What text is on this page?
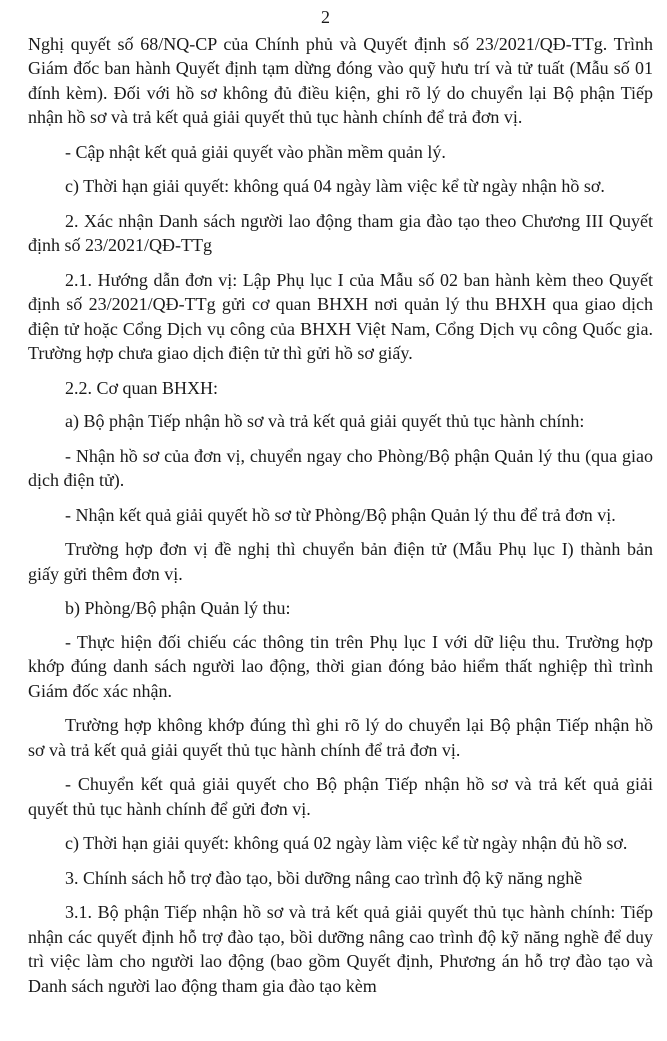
2

Nghị quyết số 68/NQ-CP của Chính phủ và Quyết định số 23/2021/QĐ-TTg. Trình Giám đốc ban hành Quyết định tạm dừng đóng vào quỹ hưu trí và tử tuất (Mẫu số 01 đính kèm). Đối với hồ sơ không đủ điều kiện, ghi rõ lý do chuyển lại Bộ phận Tiếp nhận hồ sơ và trả kết quả giải quyết thủ tục hành chính để trả đơn vị.

- Cập nhật kết quả giải quyết vào phần mềm quản lý.

c) Thời hạn giải quyết: không quá 04 ngày làm việc kể từ ngày nhận hồ sơ.

2. Xác nhận Danh sách người lao động tham gia đào tạo theo Chương III Quyết định số 23/2021/QĐ-TTg

2.1. Hướng dẫn đơn vị: Lập Phụ lục I của Mẫu số 02 ban hành kèm theo Quyết định số 23/2021/QĐ-TTg gửi cơ quan BHXH nơi quản lý thu BHXH qua giao dịch điện tử hoặc Cổng Dịch vụ công của BHXH Việt Nam, Cổng Dịch vụ công Quốc gia. Trường hợp chưa giao dịch điện tử thì gửi hồ sơ giấy.

2.2. Cơ quan BHXH:

a) Bộ phận Tiếp nhận hồ sơ và trả kết quả giải quyết thủ tục hành chính:

- Nhận hồ sơ của đơn vị, chuyển ngay cho Phòng/Bộ phận Quản lý thu (qua giao dịch điện tử).

- Nhận kết quả giải quyết hồ sơ từ Phòng/Bộ phận Quản lý thu để trả đơn vị.

Trường hợp đơn vị đề nghị thì chuyển bản điện tử (Mẫu Phụ lục I) thành bản giấy gửi thêm đơn vị.

b) Phòng/Bộ phận Quản lý thu:

- Thực hiện đối chiếu các thông tin trên Phụ lục I với dữ liệu thu. Trường hợp khớp đúng danh sách người lao động, thời gian đóng bảo hiểm thất nghiệp thì trình Giám đốc xác nhận.

Trường hợp không khớp đúng thì ghi rõ lý do chuyển lại Bộ phận Tiếp nhận hồ sơ và trả kết quả giải quyết thủ tục hành chính để trả đơn vị.

- Chuyển kết quả giải quyết cho Bộ phận Tiếp nhận hồ sơ và trả kết quả giải quyết thủ tục hành chính để gửi đơn vị.

c) Thời hạn giải quyết: không quá 02 ngày làm việc kể từ ngày nhận đủ hồ sơ.

3. Chính sách hỗ trợ đào tạo, bồi dưỡng nâng cao trình độ kỹ năng nghề

3.1. Bộ phận Tiếp nhận hồ sơ và trả kết quả giải quyết thủ tục hành chính: Tiếp nhận các quyết định hỗ trợ đào tạo, bồi dưỡng nâng cao trình độ kỹ năng nghề để duy trì việc làm cho người lao động (bao gồm Quyết định, Phương án hỗ trợ đào tạo và Danh sách người lao động tham gia đào tạo kèm
